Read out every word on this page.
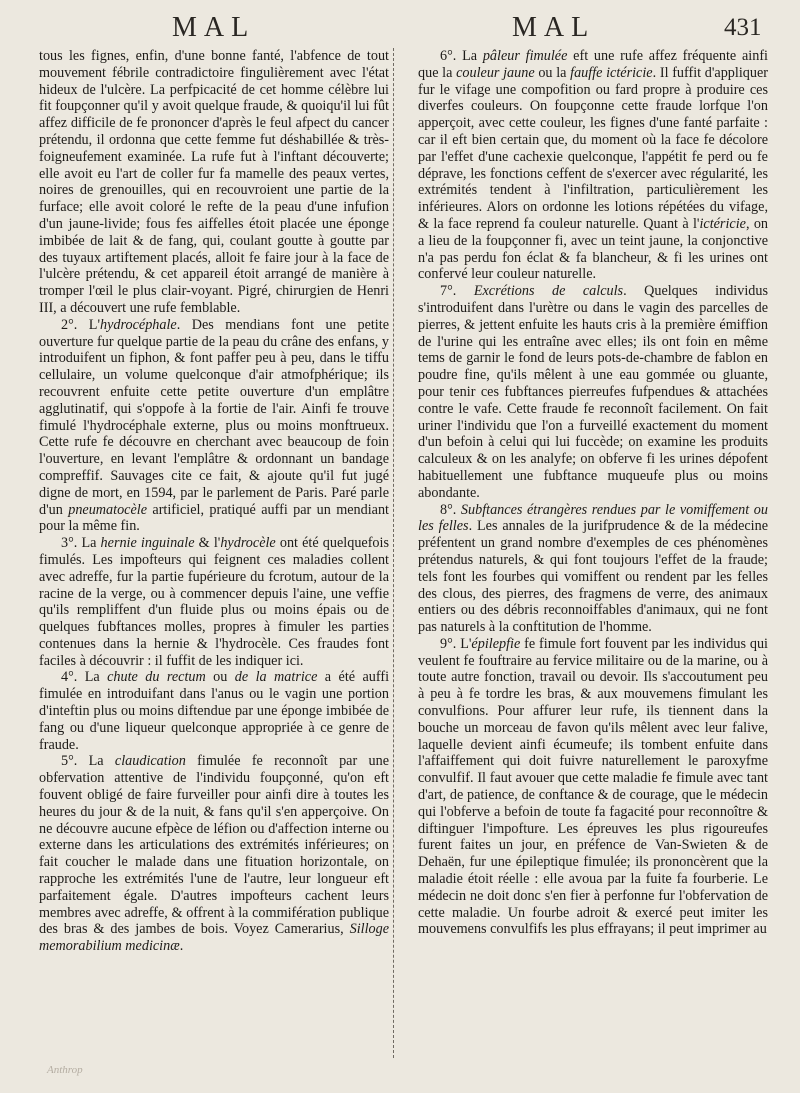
MAL	MAL	431

tous les fignes, enfin, d'une bonne fanté, l'abfence de tout mouvement fébrile contradictoire fingulièrement avec l'état hideux de l'ulcère. La perfpicacité de cet homme célèbre lui fit foupçonner qu'il y avoit quelque fraude, & quoiqu'il lui fût affez difficile de fe prononcer d'après le feul afpect du cancer prétendu, il ordonna que cette femme fut déshabillée & très-foigneufement examinée. La rufe fut à l'inftant découverte; elle avoit eu l'art de coller fur fa mamelle des peaux vertes, noires de grenouilles, qui en recouvroient une partie de la furface; elle avoit coloré le refte de la peau d'une infufion d'un jaune-livide; fous fes aiffelles étoit placée une éponge imbibée de lait & de fang, qui, coulant goutte à goutte par des tuyaux artiftement placés, alloit fe faire jour à la face de l'ulcère prétendu, & cet appareil étoit arrangé de manière à tromper l'œil le plus clair-voyant. Pigré, chirurgien de Henri III, a découvert une rufe femblable.

2°. L'hydrocéphale. Des mendians font une petite ouverture fur quelque partie de la peau du crâne des enfans, y introduifent un fiphon, & font paffer peu à peu, dans le tiffu cellulaire, un volume quelconque d'air atmofphérique; ils recouvrent enfuite cette petite ouverture d'un emplâtre agglutinatif, qui s'oppofe à la fortie de l'air. Ainfi fe trouve fimulé l'hydrocéphale externe, plus ou moins monftrueux. Cette rufe fe découvre en cherchant avec beaucoup de foin l'ouverture, en levant l'emplâtre & ordonnant un bandage compreffif. Sauvages cite ce fait, & ajoute qu'il fut jugé digne de mort, en 1594, par le parlement de Paris. Paré parle d'un pneumatocèle artificiel, pratiqué auffi par un mendiant pour la même fin.

3°. La hernie inguinale & l'hydrocèle ont été quelquefois fimulés. Les impofteurs qui feignent ces maladies collent avec adreffe, fur la partie fupérieure du fcrotum, autour de la racine de la verge, ou à commencer depuis l'aine, une veffie qu'ils rempliffent d'un fluide plus ou moins épais ou de quelques fubftances molles, propres à fimuler les parties contenues dans la hernie & l'hydrocèle. Ces fraudes font faciles à découvrir : il fuffit de les indiquer ici.

4°. La chute du rectum ou de la matrice a été auffi fimulée en introduifant dans l'anus ou le vagin une portion d'inteftin plus ou moins diftendue par une éponge imbibée de fang ou d'une liqueur quelconque appropriée à ce genre de fraude.

5°. La claudication fimulée fe reconnoît par une obfervation attentive de l'individu foupçonné, qu'on eft fouvent obligé de faire furveiller pour ainfi dire à toutes les heures du jour & de la nuit, & fans qu'il s'en apperçoive. On ne découvre aucune efpèce de léfion ou d'affection interne ou externe dans les articulations des extrémités inférieures; on fait coucher le malade dans une fituation horizontale, on rapproche les extrémités l'une de l'autre, leur longueur eft parfaitement égale. D'autres impofteurs cachent leurs membres avec adreffe, & offrent à la commifération publique des bras & des jambes de bois. Voyez Camerarius, Silloge memorabilium medicinæ.

6°. La pâleur fimulée eft une rufe affez fréquente ainfi que la couleur jaune ou la fauffe ictéricie. Il fuffit d'appliquer fur le vifage une compofition ou fard propre à produire ces diverfes couleurs. On foupçonne cette fraude lorfque l'on apperçoit, avec cette couleur, les fignes d'une fanté parfaite : car il eft bien certain que, du moment où la face fe décolore par l'effet d'une cachexie quelconque, l'appétit fe perd ou fe déprave, les fonctions ceffent de s'exercer avec régularité, les extrémités tendent à l'infiltration, particulièrement les inférieures. Alors on ordonne les lotions répétées du vifage, & la face reprend fa couleur naturelle. Quant à l'ictéricie, on a lieu de la foupçonner fi, avec un teint jaune, la conjonctive n'a pas perdu fon éclat & fa blancheur, & fi les urines ont confervé leur couleur naturelle.

7°. Excrétions de calculs. Quelques individus s'introduifent dans l'urètre ou dans le vagin des parcelles de pierres, & jettent enfuite les hauts cris à la première émiffion de l'urine qui les entraîne avec elles; ils ont foin en même tems de garnir le fond de leurs pots-de-chambre de fablon en poudre fine, qu'ils mêlent à une eau gommée ou gluante, pour tenir ces fubftances pierreufes fufpendues & attachées contre le vafe. Cette fraude fe reconnoît facilement. On fait uriner l'individu que l'on a furveillé exactement du moment d'un befoin à celui qui lui fuccède; on examine les produits calculeux & on les analyfe; on obferve fi les urines dépofent habituellement une fubftance muqueufe plus ou moins abondante.

8°. Subftances étrangères rendues par le vomiffement ou les felles. Les annales de la jurifprudence & de la médecine préfentent un grand nombre d'exemples de ces phénomènes prétendus naturels, & qui font toujours l'effet de la fraude; tels font les fourbes qui vomiffent ou rendent par les felles des clous, des pierres, des fragmens de verre, des animaux entiers ou des débris reconnoiffables d'animaux, qui ne font pas naturels à la conftitution de l'homme.

9°. L'épilepfie fe fimule fort fouvent par les individus qui veulent fe fouftraire au fervice militaire ou de la marine, ou à toute autre fonction, travail ou devoir. Ils s'accoutument peu à peu à fe tordre les bras, & aux mouvemens fimulant les convulfions. Pour affurer leur rufe, ils tiennent dans la bouche un morceau de favon qu'ils mêlent avec leur falive, laquelle devient ainfi écumeufe; ils tombent enfuite dans l'affaiffement qui doit fuivre naturellement le paroxyfme convulfif. Il faut avouer que cette maladie fe fimule avec tant d'art, de patience, de conftance & de courage, que le médecin qui l'obferve a befoin de toute fa fagacité pour reconnoître & diftinguer l'impofture. Les épreuves les plus rigoureufes furent faites un jour, en préfence de Van-Swieten & de Dehaën, fur une épileptique fimulée; ils prononcèrent que la maladie étoit réelle : elle avoua par la fuite fa fourberie. Le médecin ne doit donc s'en fier à perfonne fur l'obfervation de cette maladie. Un fourbe adroit & exercé peut imiter les mouvemens convulfifs les plus effrayans; il peut imprimer au

Anthrop
